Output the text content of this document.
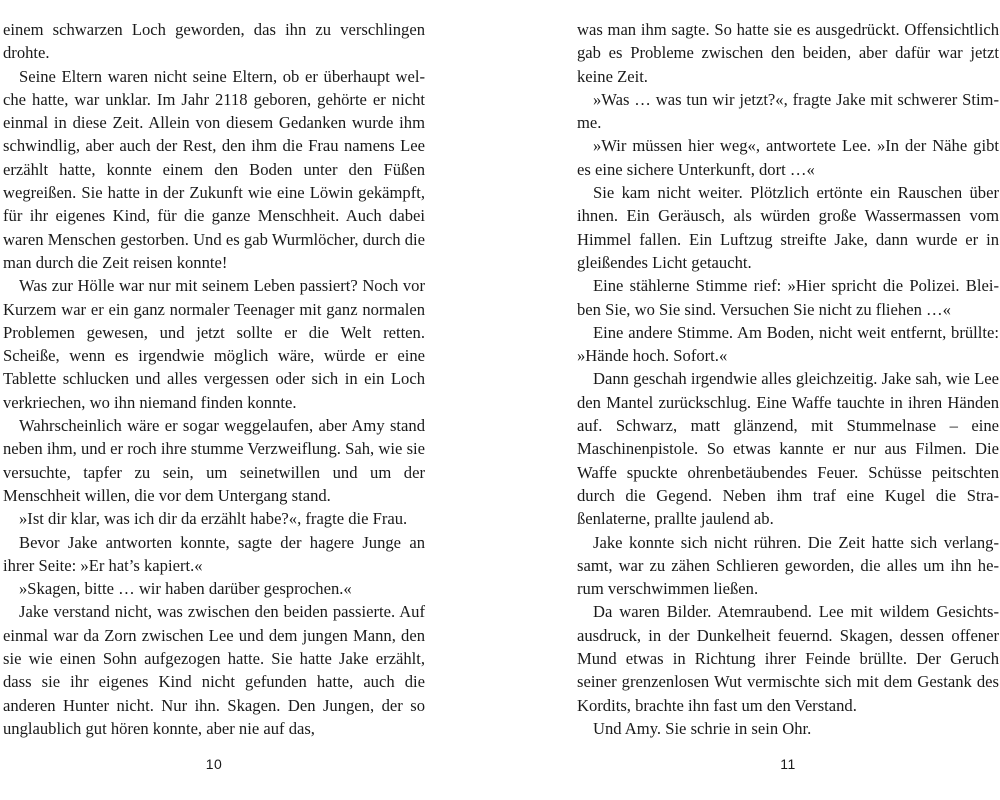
einem schwarzen Loch geworden, das ihn zu verschlingen drohte.

Seine Eltern waren nicht seine Eltern, ob er überhaupt welche hatte, war unklar. Im Jahr 2118 geboren, gehörte er nicht einmal in diese Zeit. Allein von diesem Gedanken wurde ihm schwindlig, aber auch der Rest, den ihm die Frau namens Lee erzählt hatte, konnte einem den Boden unter den Füßen wegreißen. Sie hatte in der Zukunft wie eine Löwin gekämpft, für ihr eigenes Kind, für die ganze Menschheit. Auch dabei waren Menschen gestorben. Und es gab Wurmlöcher, durch die man durch die Zeit reisen konnte!

Was zur Hölle war nur mit seinem Leben passiert? Noch vor Kurzem war er ein ganz normaler Teenager mit ganz normalen Problemen gewesen, und jetzt sollte er die Welt retten. Scheiße, wenn es irgendwie möglich wäre, würde er eine Tablette schlucken und alles vergessen oder sich in ein Loch verkriechen, wo ihn niemand finden konnte.

Wahrscheinlich wäre er sogar weggelaufen, aber Amy stand neben ihm, und er roch ihre stumme Verzweiflung. Sah, wie sie versuchte, tapfer zu sein, um seinetwillen und um der Menschheit willen, die vor dem Untergang stand.

»Ist dir klar, was ich dir da erzählt habe?«, fragte die Frau.

Bevor Jake antworten konnte, sagte der hagere Junge an ihrer Seite: »Er hat’s kapiert.«

»Skagen, bitte … wir haben darüber gesprochen.«

Jake verstand nicht, was zwischen den beiden passierte. Auf einmal war da Zorn zwischen Lee und dem jungen Mann, den sie wie einen Sohn aufgezogen hatte. Sie hatte Jake erzählt, dass sie ihr eigenes Kind nicht gefunden hatte, auch die anderen Hunter nicht. Nur ihn. Skagen. Den Jungen, der so unglaublich gut hören konnte, aber nie auf das,

10

was man ihm sagte. So hatte sie es ausgedrückt. Offensichtlich gab es Probleme zwischen den beiden, aber dafür war jetzt keine Zeit.

»Was … was tun wir jetzt?«, fragte Jake mit schwerer Stimme.

»Wir müssen hier weg«, antwortete Lee. »In der Nähe gibt es eine sichere Unterkunft, dort …«

Sie kam nicht weiter. Plötzlich ertönte ein Rauschen über ihnen. Ein Geräusch, als würden große Wassermassen vom Himmel fallen. Ein Luftzug streifte Jake, dann wurde er in gleißendes Licht getaucht.

Eine stählerne Stimme rief: »Hier spricht die Polizei. Bleiben Sie, wo Sie sind. Versuchen Sie nicht zu fliehen …«

Eine andere Stimme. Am Boden, nicht weit entfernt, brüllte: »Hände hoch. Sofort.«

Dann geschah irgendwie alles gleichzeitig. Jake sah, wie Lee den Mantel zurückschlug. Eine Waffe tauchte in ihren Händen auf. Schwarz, matt glänzend, mit Stummelnase – eine Maschinenpistole. So etwas kannte er nur aus Filmen. Die Waffe spuckte ohrenbetäubendes Feuer. Schüsse peitschten durch die Gegend. Neben ihm traf eine Kugel die Straßenlaterne, prallte jaulend ab.

Jake konnte sich nicht rühren. Die Zeit hatte sich verlangsamt, war zu zähen Schlieren geworden, die alles um ihn herum verschwimmen ließen.

Da waren Bilder. Atemraubend. Lee mit wildem Gesichtsausdruck, in der Dunkelheit feuernd. Skagen, dessen offener Mund etwas in Richtung ihrer Feinde brüllte. Der Geruch seiner grenzenlosen Wut vermischte sich mit dem Gestank des Kordits, brachte ihn fast um den Verstand.

Und Amy. Sie schrie in sein Ohr.

11
